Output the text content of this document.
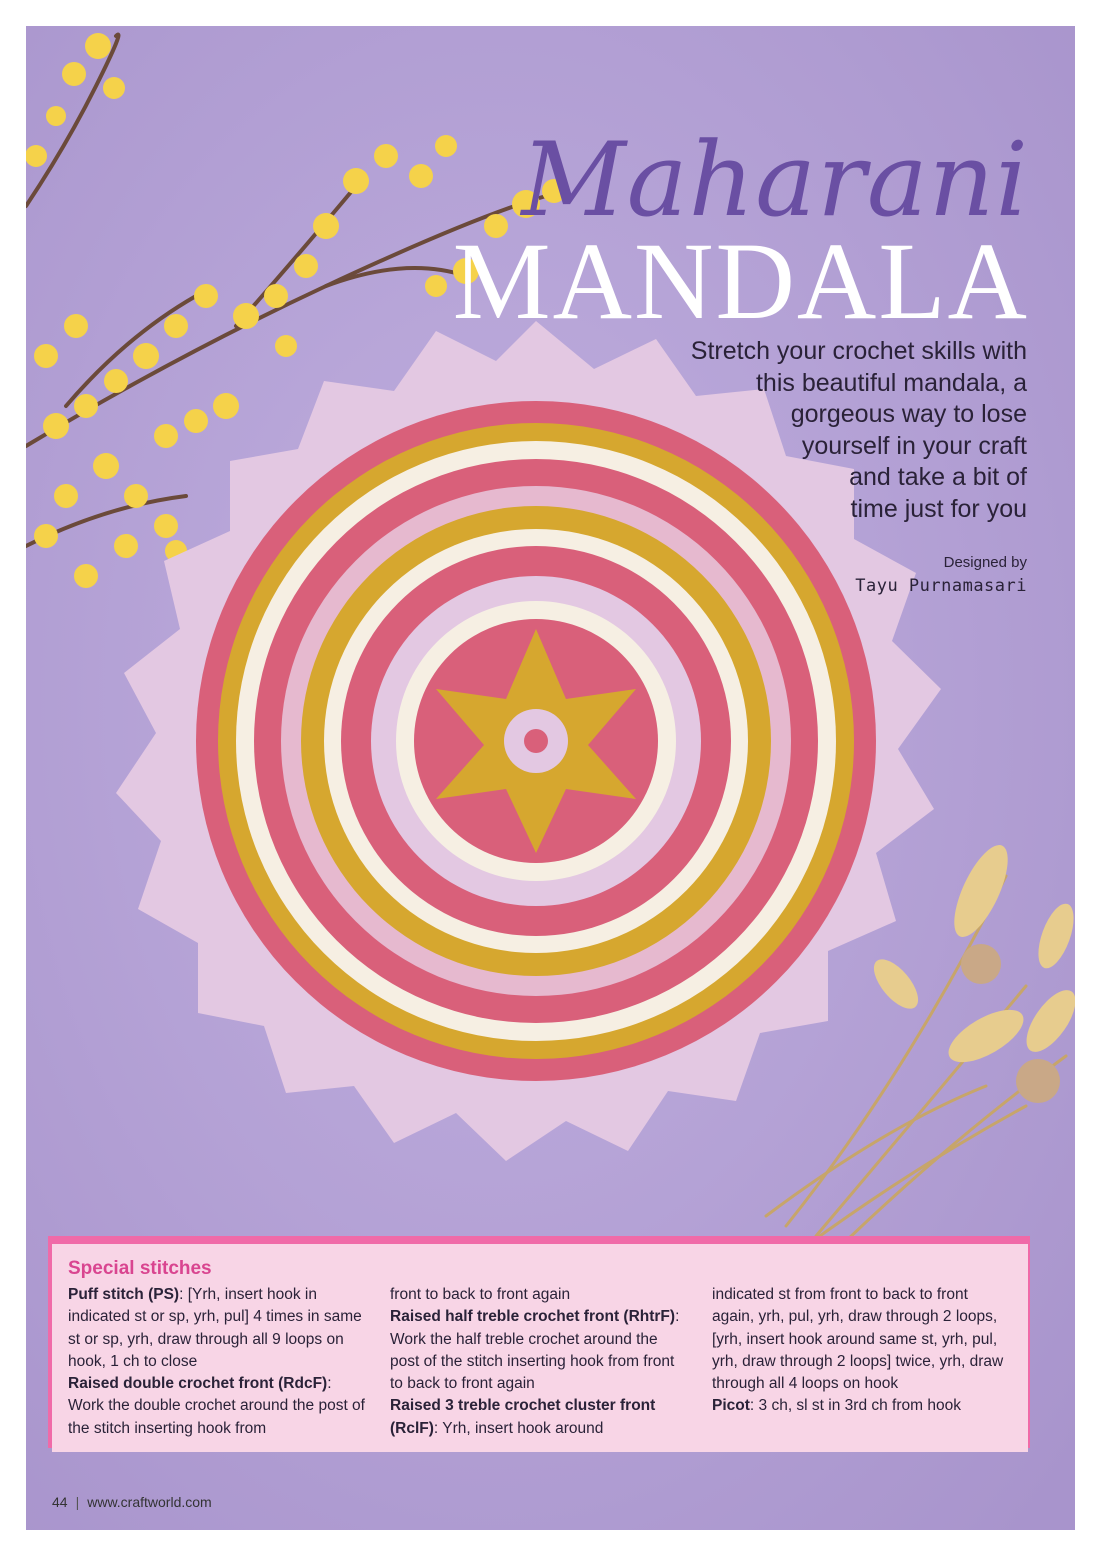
Maharani
MANDALA
Stretch your crochet skills with
this beautiful mandala, a
gorgeous way to lose
yourself in your craft
and take a bit of
time just for you
Designed by
Tayu Purnamasari
Special stitches
Puff stitch (PS): [Yrh, insert hook in indicated st or sp, yrh, pul] 4 times in same st or sp, yrh, draw through all 9 loops on hook, 1 ch to close
Raised double crochet front (RdcF): Work the double crochet around the post of the stitch inserting hook from
front to back to front again
Raised half treble crochet front (RhtrF): Work the half treble crochet around the post of the stitch inserting hook from front to back to front again
Raised 3 treble crochet cluster front (RclF): Yrh, insert hook around
indicated st from front to back to front again, yrh, pul, yrh, draw through 2 loops, [yrh, insert hook around same st, yrh, pul, yrh, draw through 2 loops] twice, yrh, draw through all 4 loops on hook
Picot: 3 ch, sl st in 3rd ch from hook
44 | www.craftworld.com
